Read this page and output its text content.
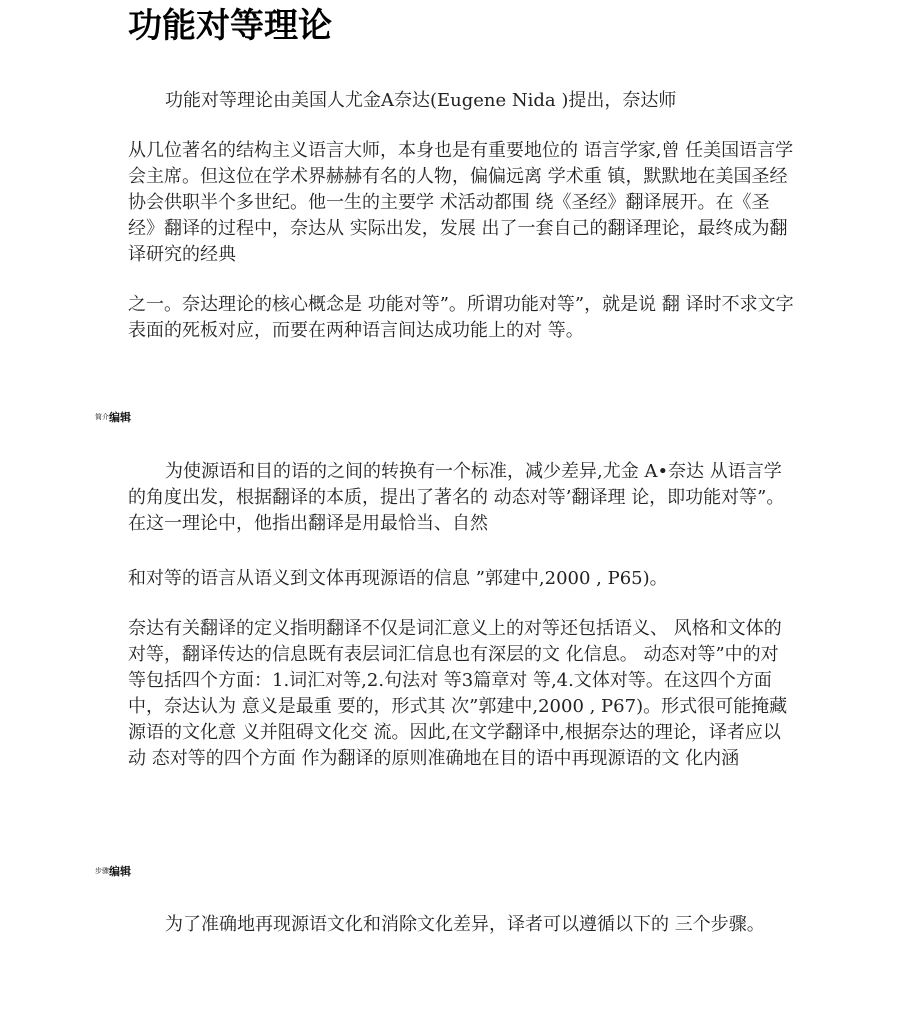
功能对等理论

功能对等理论由美国人尤金A奈达(Eugene Nida )提出，奈达师

从几位著名的结构主义语言大师，本身也是有重要地位的 语言学家,曾 任美国语言学会主席。但这位在学术界赫赫有名的人物，偏偏远离 学术重 镇，默默地在美国圣经协会供职半个多世纪。他一生的主要学 术活动都围 绕《圣经》翻译展开。在《圣经》翻译的过程中，奈达从 实际出发，发展 出了一套自己的翻译理论，最终成为翻译研究的经典

之一。奈达理论的核心概念是 功能对等”。所谓功能对等”，就是说 翻 译时不求文字表面的死板对应，而要在两种语言间达成功能上的对 等。

简介编辑

为使源语和目的语的之间的转换有一个标准，减少差异,尤金 A•奈达 从语言学的角度出发，根据翻译的本质，提出了著名的 动态对等’翻译理 论，即功能对等”。在这一理论中，他指出翻译是用最恰当、自然

和对等的语言从语义到文体再现源语的信息 ”郭建中,2000 , P65)。

奈达有关翻译的定义指明翻译不仅是词汇意义上的对等还包括语义、 风格和文体的对等，翻译传达的信息既有表层词汇信息也有深层的文 化信息。 动态对等”中的对等包括四个方面：1.词汇对等,2.句法对 等3篇章对 等,4.文体对等。在这四个方面中，奈达认为 意义是最重 要的，形式其 次”郭建中,2000 , P67)。形式很可能掩藏源语的文化意 义并阻碍文化交 流。因此,在文学翻译中,根据奈达的理论，译者应以动 态对等的四个方面 作为翻译的原则准确地在目的语中再现源语的文 化内涵

步骤编辑

为了准确地再现源语文化和消除文化差异，译者可以遵循以下的 三个步骤。
